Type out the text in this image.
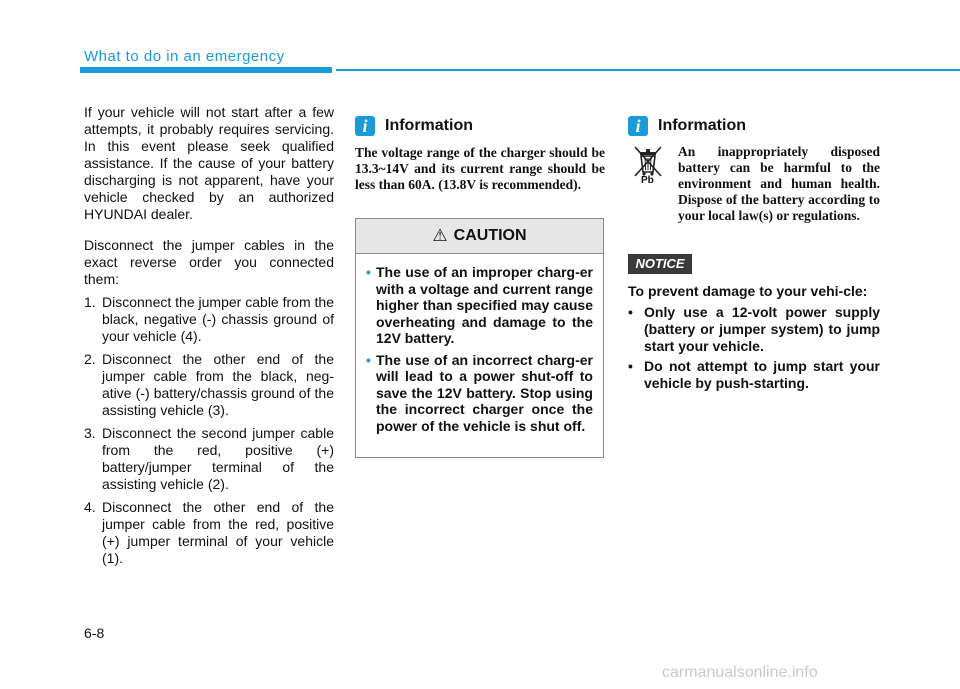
What to do in an emergency

If your vehicle will not start after a few attempts, it probably requires servicing. In this event please seek qualified assistance. If the cause of your battery discharging is not apparent, have your vehicle checked by an authorized HYUNDAI dealer.

Disconnect the jumper cables in the exact reverse order you connected them:

1. Disconnect the jumper cable from the black, negative (-) chassis ground of your vehicle (4).
2. Disconnect the other end of the jumper cable from the black, neg-ative (-) battery/chassis ground of the assisting vehicle (3).
3. Disconnect the second jumper cable from the red, positive (+) battery/jumper terminal of the assisting vehicle (2).
4. Disconnect the other end of the jumper cable from the red, positive (+) jumper terminal of your vehicle (1).
i	Information
The voltage range of the charger should be 13.3~14V and its current range should be less than 60A. (13.8V is recommended).
⚠ CAUTION
• The use of an improper charg-er with a voltage and current range higher than specified may cause overheating and damage to the 12V battery.
• The use of an incorrect charg-er will lead to a power shut-off to save the 12V battery. Stop using the incorrect charger once the power of the vehicle is shut off.
i	Information
Pb
An inappropriately disposed battery can be harmful to the environment and human health. Dispose of the battery according to your local law(s) or regulations.
NOTICE

To prevent damage to your vehi-cle:

• Only use a 12-volt power supply (battery or jumper system) to jump start your vehicle.
• Do not attempt to jump start your vehicle by push-starting.
6-8
carmanualsonline.info
